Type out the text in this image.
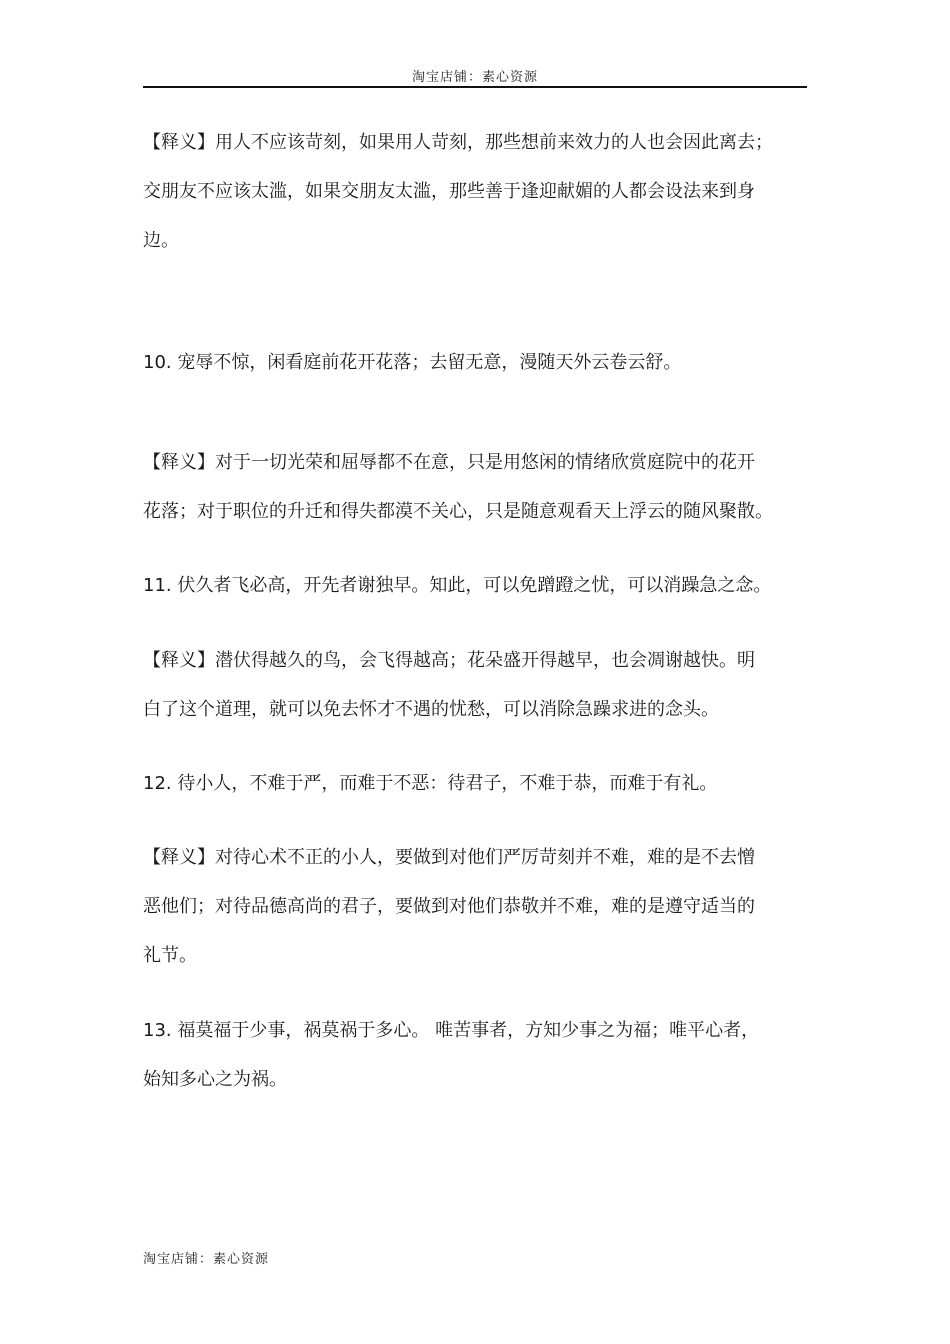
淘宝店铺：素心资源

【释义】用人不应该苛刻，如果用人苛刻，那些想前来效力的人也会因此离去；

交朋友不应该太滥，如果交朋友太滥，那些善于逢迎献媚的人都会设法来到身

边。

10. 宠辱不惊，闲看庭前花开花落；去留无意，漫随天外云卷云舒。

【释义】对于一切光荣和屈辱都不在意，只是用悠闲的情绪欣赏庭院中的花开

花落；对于职位的升迁和得失都漠不关心，只是随意观看天上浮云的随风聚散。

11. 伏久者飞必高，开先者谢独早。知此，可以免蹭蹬之忧，可以消躁急之念。

【释义】潜伏得越久的鸟，会飞得越高；花朵盛开得越早，也会凋谢越快。明

白了这个道理，就可以免去怀才不遇的忧愁，可以消除急躁求进的念头。

12. 待小人，不难于严，而难于不恶：待君子，不难于恭，而难于有礼。

【释义】对待心术不正的小人，要做到对他们严厉苛刻并不难，难的是不去憎

恶他们；对待品德高尚的君子，要做到对他们恭敬并不难，难的是遵守适当的

礼节。

13. 福莫福于少事，祸莫祸于多心。 唯苦事者，方知少事之为福；唯平心者，

始知多心之为祸。

淘宝店铺：素心资源
